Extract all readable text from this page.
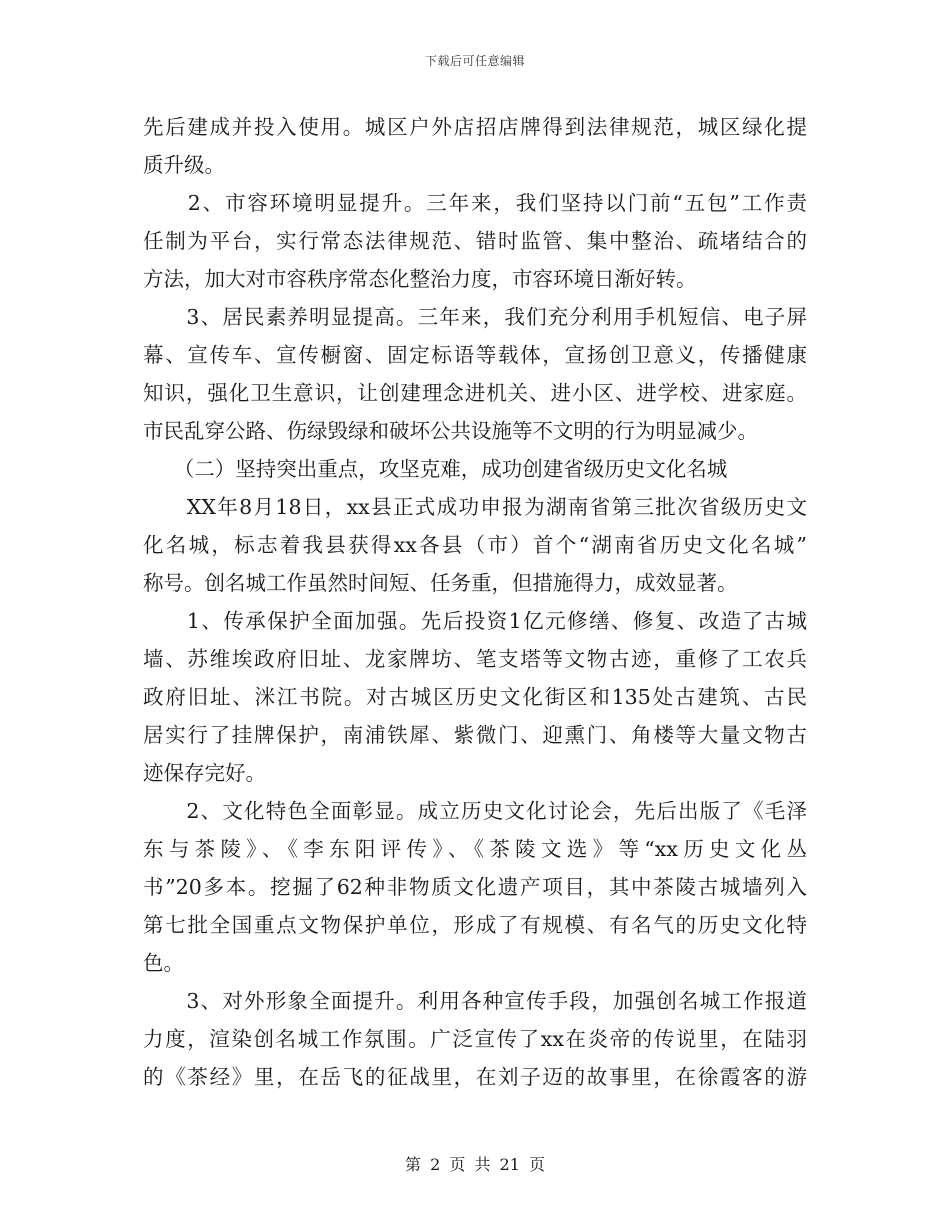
下载后可任意编辑
先后建成并投入使用。城区户外店招店牌得到法律规范，城区绿化提
质升级。
　　2、市容环境明显提升。三年来，我们坚持以门前“五包”工作责
任制为平台，实行常态法律规范、错时监管、集中整治、疏堵结合的
方法，加大对市容秩序常态化整治力度，市容环境日渐好转。
　　3、居民素养明显提高。三年来，我们充分利用手机短信、电子屏
幕、宣传车、宣传橱窗、固定标语等载体，宣扬创卫意义，传播健康
知识，强化卫生意识，让创建理念进机关、进小区、进学校、进家庭。
市民乱穿公路、伤绿毁绿和破坏公共设施等不文明的行为明显减少。
　　（二）坚持突出重点，攻坚克难，成功创建省级历史文化名城
　　XX年8月18日，xx县正式成功申报为湖南省第三批次省级历史文
化名城，标志着我县获得xx各县（市）首个“湖南省历史文化名城”
称号。创名城工作虽然时间短、任务重，但措施得力，成效显著。
　　1、传承保护全面加强。先后投资1亿元修缮、修复、改造了古城
墙、苏维埃政府旧址、龙家牌坊、笔支塔等文物古迹，重修了工农兵
政府旧址、洣江书院。对古城区历史文化街区和135处古建筑、古民
居实行了挂牌保护，南浦铁犀、紫微门、迎熏门、角楼等大量文物古
迹保存完好。
　　2、文化特色全面彰显。成立历史文化讨论会，先后出版了《毛泽
东与茶陵》、《李东阳评传》、《茶陵文选》等“xx历史文化丛
书”20多本。挖掘了62种非物质文化遗产项目，其中茶陵古城墙列入
第七批全国重点文物保护单位，形成了有规模、有名气的历史文化特
色。
　　3、对外形象全面提升。利用各种宣传手段，加强创名城工作报道
力度，渲染创名城工作氛围。广泛宣传了xx在炎帝的传说里，在陆羽
的《茶经》里，在岳飞的征战里，在刘子迈的故事里，在徐霞客的游
第 2 页 共 21 页
